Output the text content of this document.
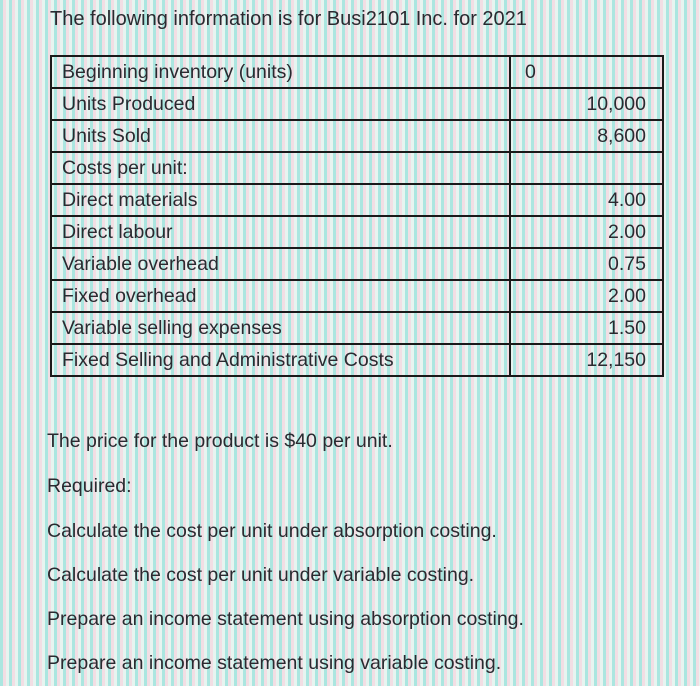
The following information is for Busi2101 Inc. for 2021
Beginning inventory (units)	0
Units Produced	10,000
Units Sold	8,600
Costs per unit:	
Direct materials	4.00
Direct labour	2.00
Variable overhead	0.75
Fixed overhead	2.00
Variable selling expenses	1.50
Fixed Selling and Administrative Costs	12,150
The price for the product is $40 per unit.
Required:
Calculate the cost per unit under absorption costing.
Calculate the cost per unit under variable costing.
Prepare an income statement using absorption costing.
Prepare an income statement using variable costing.
